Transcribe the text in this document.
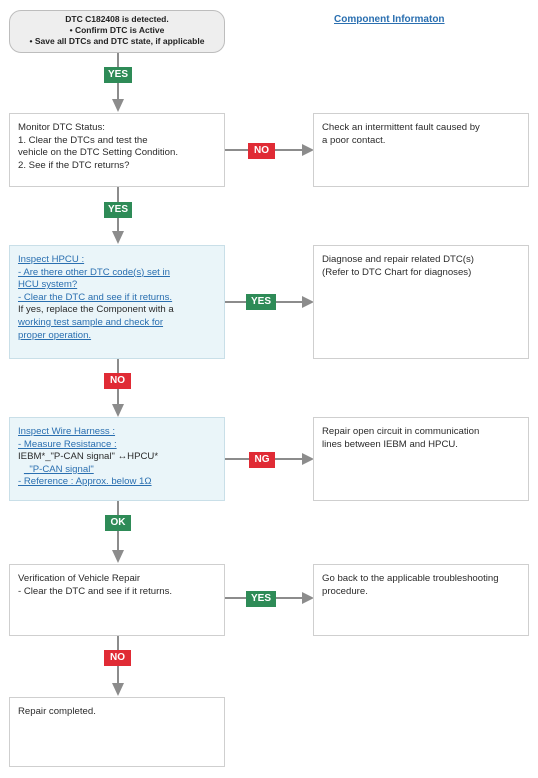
DTC C182408 is detected.
• Confirm DTC is Active
• Save all DTCs and DTC state, if applicable
Component Informaton
YES
NO
YES
YES
NO
NG
OK
YES
NO
Monitor DTC Status:
1. Clear the DTCs and test the
vehicle on the DTC Setting Condition.
2. See if the DTC returns?
Check an intermittent fault caused by
a poor contact.
Inspect HPCU :
- Are there other DTC code(s) set in
HCU system?
- Clear the DTC and see if it returns.
If yes, replace the Component with a
working test sample and check for
proper operation.
Diagnose and repair related DTC(s)
(Refer to DTC Chart for diagnoses)
Inspect Wire Harness :
- Measure Resistance :
IEBM*_"P-CAN signal" ↔HPCU*
_"P-CAN signal"
- Reference : Approx. below 1Ω
Repair open circuit in communication
lines between IEBM and HPCU.
Verification of Vehicle Repair
- Clear the DTC and see if it returns.
Go back to the applicable troubleshooting
procedure.
Repair completed.
